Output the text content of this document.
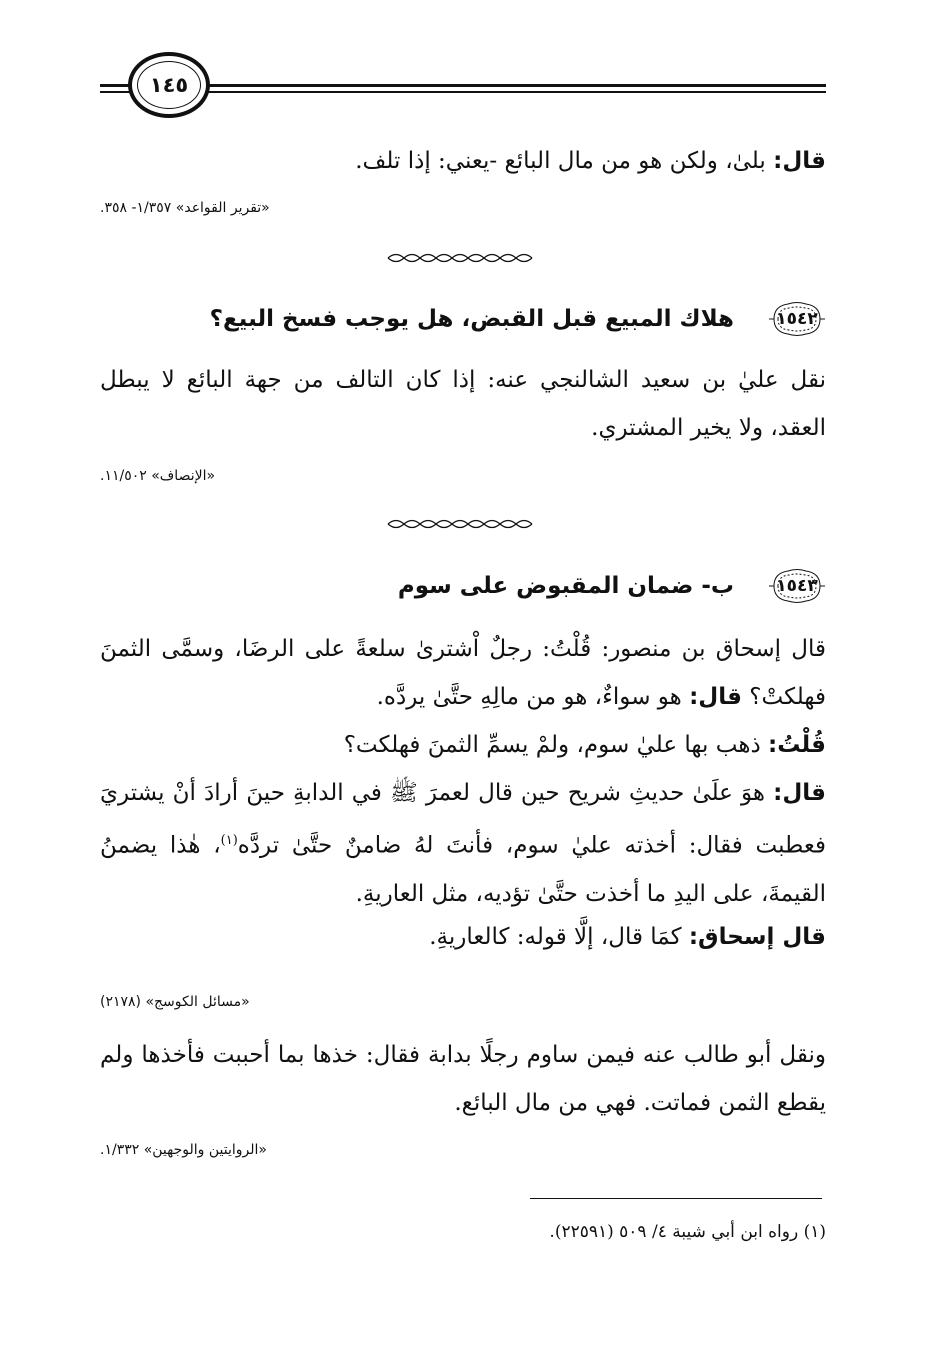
١٤٥
قال: بلىٰ، ولكن هو من مال البائع -يعني: إذا تلف.
«تقرير القواعد» ١/٣٥٧- ٣٥٨.
١٥٤٢
هلاك المبيع قبل القبض، هل يوجب فسخ البيع؟
نقل عليٰ بن سعيد الشالنجي عنه: إذا كان التالف من جهة البائع لا يبطل العقد، ولا يخير المشتري.
«الإنصاف» ١١/٥٠٢.
١٥٤٣
ب- ضمان المقبوض على سوم
قال إسحاق بن منصور: قُلْتُ: رجلٌ اْشترىٰ سلعةً على الرضَا، وسمَّى الثمنَ فهلكتْ؟ قال: هو سواءٌ، هو من مالِهِ حتَّىٰ يردَّه.
قُلْتُ: ذهب بها عليٰ سوم، ولمْ يسمِّ الثمنَ فهلكت؟
قال: هوَ علَىٰ حديثِ شريح حين قال لعمرَ ﷺ في الدابةِ حينَ أرادَ أنْ يشتريَ فعطبت فقال: أخذته عليٰ سوم، فأنتَ لهُ ضامنٌ حتَّىٰ تردَّه$^{(١)}$، هٰذا يضمنُ القيمةَ، على اليدِ ما أخذت حتَّىٰ تؤديه، مثل العاريةِ.
قال إسحاق: كمَا قال، إلَّا قوله: كالعاريةِ.
«مسائل الكوسج» (٢١٧٨)
ونقل أبو طالب عنه فيمن ساوم رجلًا بدابة فقال: خذها بما أحببت فأخذها ولم يقطع الثمن فماتت. فهي من مال البائع.
«الروايتين والوجهين» ١/٣٣٢.
(١) رواه ابن أبي شيبة ٤/ ٥٠٩ (٢٢٥٩١).
